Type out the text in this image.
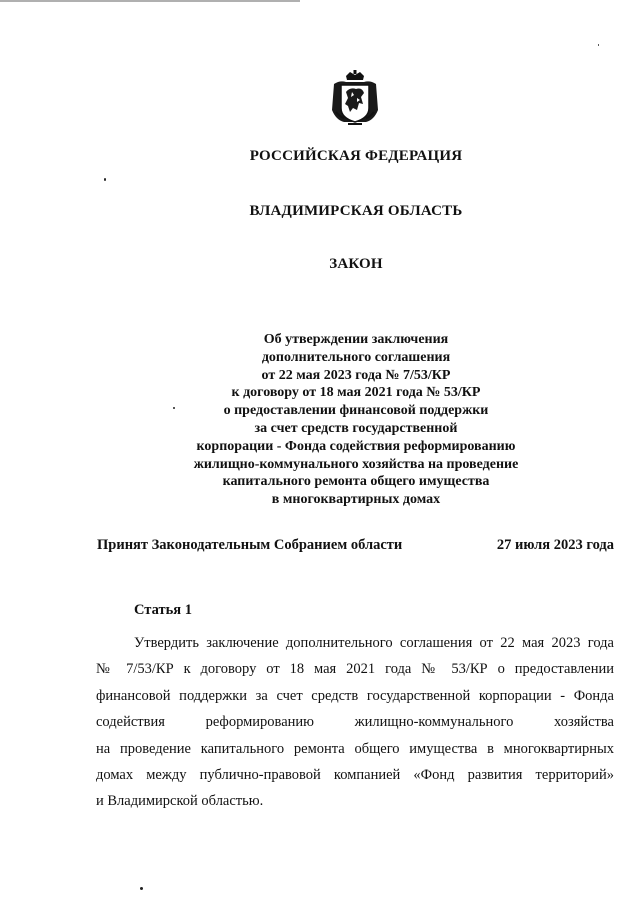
РОССИЙСКАЯ ФЕДЕРАЦИЯ
ВЛАДИМИРСКАЯ ОБЛАСТЬ
ЗАКОН
Об утверждении заключения
дополнительного соглашения
от 22 мая 2023 года № 7/53/КР
к договору от 18 мая 2021 года № 53/КР
о предоставлении финансовой поддержки
за счет средств государственной
корпорации - Фонда содействия реформированию
жилищно-коммунального хозяйства на проведение
капитального ремонта общего имущества
в многоквартирных домах
Принят Законодательным Собранием области	27 июля 2023 года
Статья 1
Утвердить заключение дополнительного соглашения от 22 мая 2023 года
№ 7/53/КР к договору от 18 мая 2021 года № 53/КР о предоставлении
финансовой поддержки за счет средств государственной корпорации - Фонда
содействия	реформированию	жилищно-коммунального	хозяйства
на проведение капитального ремонта общего имущества в многоквартирных
домах между публично-правовой компанией «Фонд развития территорий»
и Владимирской областью.
